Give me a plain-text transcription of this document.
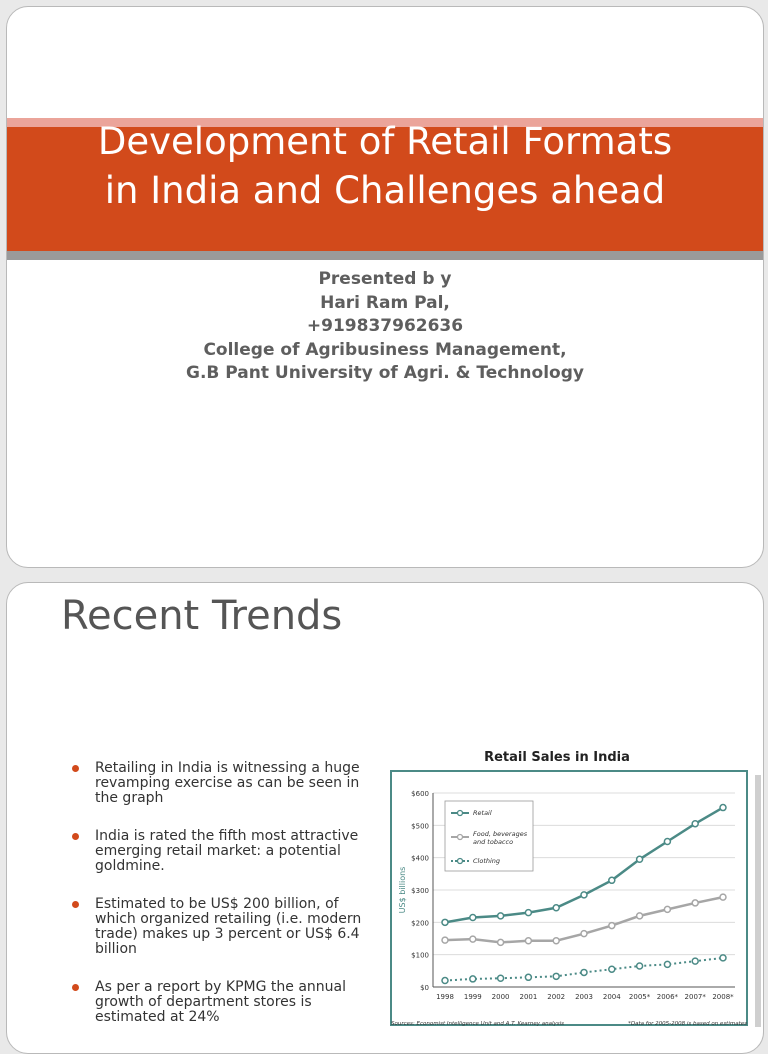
Development of Retail Formats
in India and Challenges ahead
Presented b y
Hari Ram Pal,
+919837962636
College of Agribusiness Management,
G.B Pant University of Agri. & Technology
Recent Trends
Retailing in India is witnessing a huge revamping exercise as can be seen in the graph
India is rated the fifth most attractive emerging retail market: a potential goldmine.
Estimated to be US$ 200 billion, of which organized retailing (i.e. modern trade) makes up 3 percent or US$ 6.4 billion
As per a report by KPMG the annual growth of department stores is estimated at 24%
Retail Sales in India
$0
$100
$200
$300
$400
$500
$600
US$ billions
1998 1999 2000 2001 2002 2003 2004 2005* 2006* 2007* 2008*
Retail
Food, beverages and tobacco
Clothing
Sources: Economist Intelligence Unit and A.T. Kearney analysis	*Data for 2005-2008 is based on estimates
